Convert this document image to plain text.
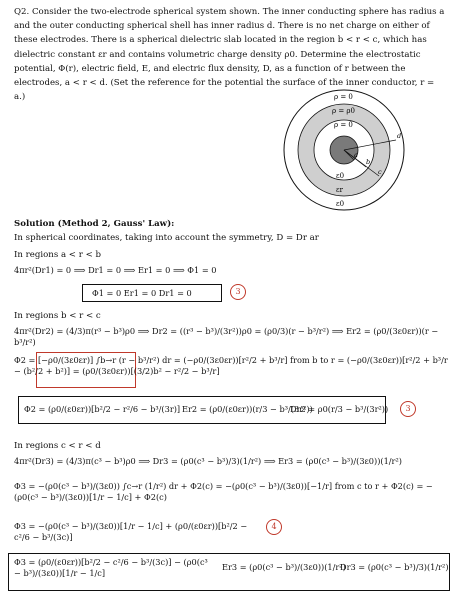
Q2. Consider the two-electrode spherical system shown. The inner conducting sphere has radius a and the outer conducting spherical shell has inner radius d. There is no net charge on either of these electrodes. There is a spherical dielectric slab located in the region b < r < c, which has dielectric constant εr and contains volumetric charge density ρ0. Determine the electrostatic potential, Φ(r), electric field, E, and electric flux density, D, as a function of r between the electrodes, a < r < d. (Set the reference for the potential the surface of the inner conductor, r = a.)	ρ = 0
ρ = ρ0
ρ = 0
ε0
εr
ε0
a
b
c
d
Solution (Method 2, Gauss' Law):
In spherical coordinates, taking into account the symmetry, D = Dr ar
In regions a < r < b
4πr²(Dr1) = 0 ⟹ Dr1 = 0 ⟹ Er1 = 0 ⟹ Φ1 = 0
Φ1 = 0 Er1 = 0 Dr1 = 0	3
In regions b < r < c
4πr²(Dr2) = (4/3)π(r³ − b³)ρ0 ⟹ Dr2 = ((r³ − b³)/(3r²))ρ0 = (ρ0/3)(r − b³/r²) ⟹ Er2 = (ρ0/(3ε0εr))(r − b³/r²)
Φ2 = [−ρ0/(3ε0εr)] ∫b→r (r − b³/r²) dr = (−ρ0/(3ε0εr))[r²/2 + b³/r] from b to r = (−ρ0/(3ε0εr))[r²/2 + b³/r − (b²/2 + b²)] = (ρ0/(3ε0εr))[(3/2)b² − r²/2 − b³/r]
Φ2 = (ρ0/(ε0εr))[b²/2 − r²/6 − b³/(3r)] Er2 = (ρ0/(ε0εr))(r/3 − b³/(3r²))
Dr2 = ρ0(r/3 − b³/(3r²))	3
In regions c < r < d
4πr²(Dr3) = (4/3)π(c³ − b³)ρ0 ⟹ Dr3 = (ρ0(c³ − b³)/3)(1/r²) ⟹ Er3 = (ρ0(c³ − b³)/(3ε0))(1/r²)
Φ3 = −(ρ0(c³ − b³)/(3ε0)) ∫c→r (1/r²) dr + Φ2(c) = −(ρ0(c³ − b³)/(3ε0))[−1/r] from c to r + Φ2(c) = −(ρ0(c³ − b³)/(3ε0))[1/r − 1/c] + Φ2(c)
Φ3 = −(ρ0(c³ − b³)/(3ε0))[1/r − 1/c] + (ρ0/(ε0εr))[b²/2 − c²/6 − b³/(3c)]
4
Φ3 = (ρ0/(ε0εr))[b²/2 − c²/6 − b³/(3c)] − (ρ0(c³ − b³)/(3ε0))[1/r − 1/c]
Er3 = (ρ0(c³ − b³)/(3ε0))(1/r²)
Dr3 = (ρ0(c³ − b³)/3)(1/r²)
